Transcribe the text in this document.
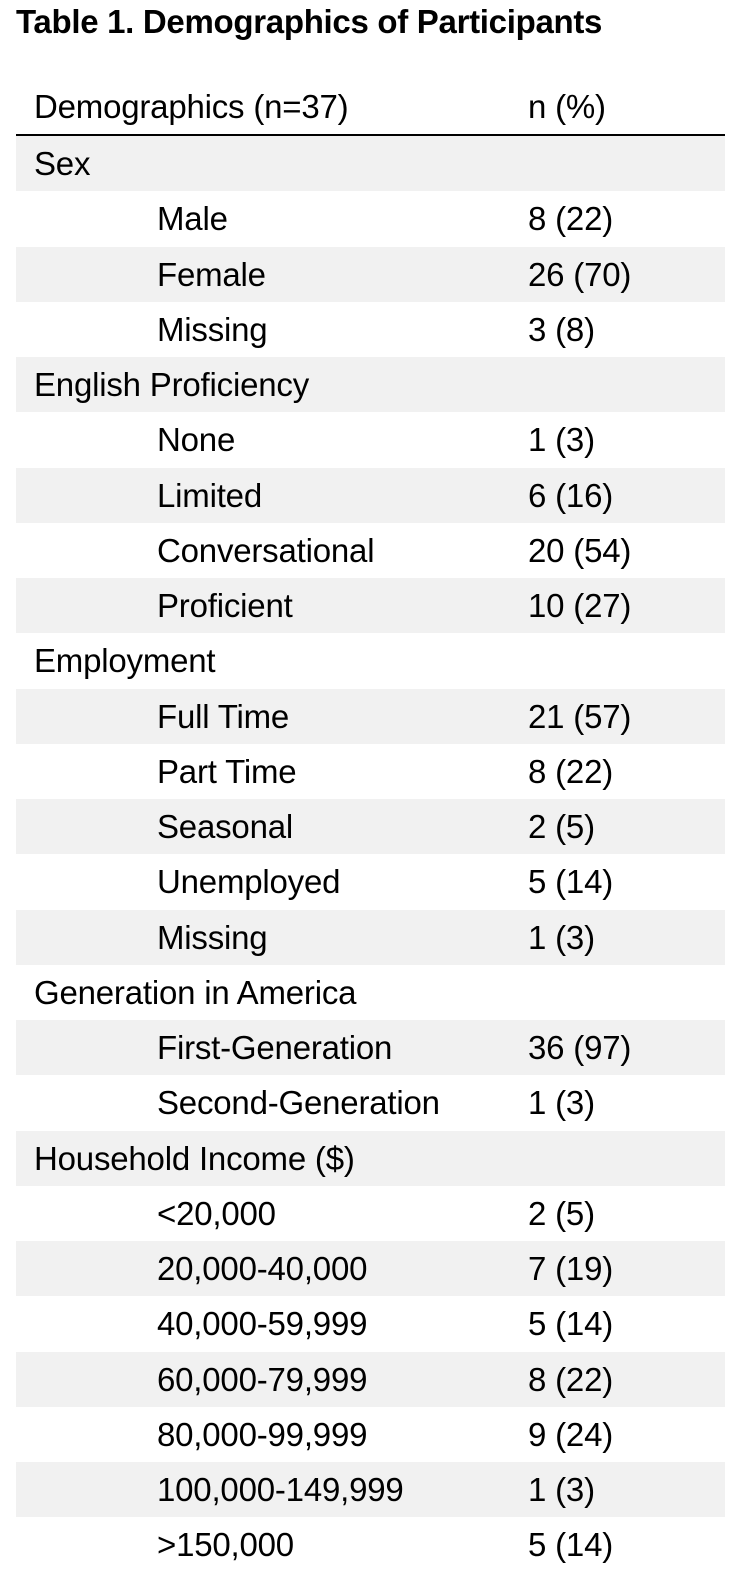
Table 1. Demographics of Participants
Demographics (n=37)	n (%)
Sex
Male	8 (22)
Female	26 (70)
Missing	3 (8)
English Proficiency
None	1 (3)
Limited	6 (16)
Conversational	20 (54)
Proficient	10 (27)
Employment
Full Time	21 (57)
Part Time	8 (22)
Seasonal	2 (5)
Unemployed	5 (14)
Missing	1 (3)
Generation in America
First-Generation	36 (97)
Second-Generation	1 (3)
Household Income ($)
<20,000	2 (5)
20,000-40,000	7 (19)
40,000-59,999	5 (14)
60,000-79,999	8 (22)
80,000-99,999	9 (24)
100,000-149,999	1 (3)
>150,000	5 (14)
